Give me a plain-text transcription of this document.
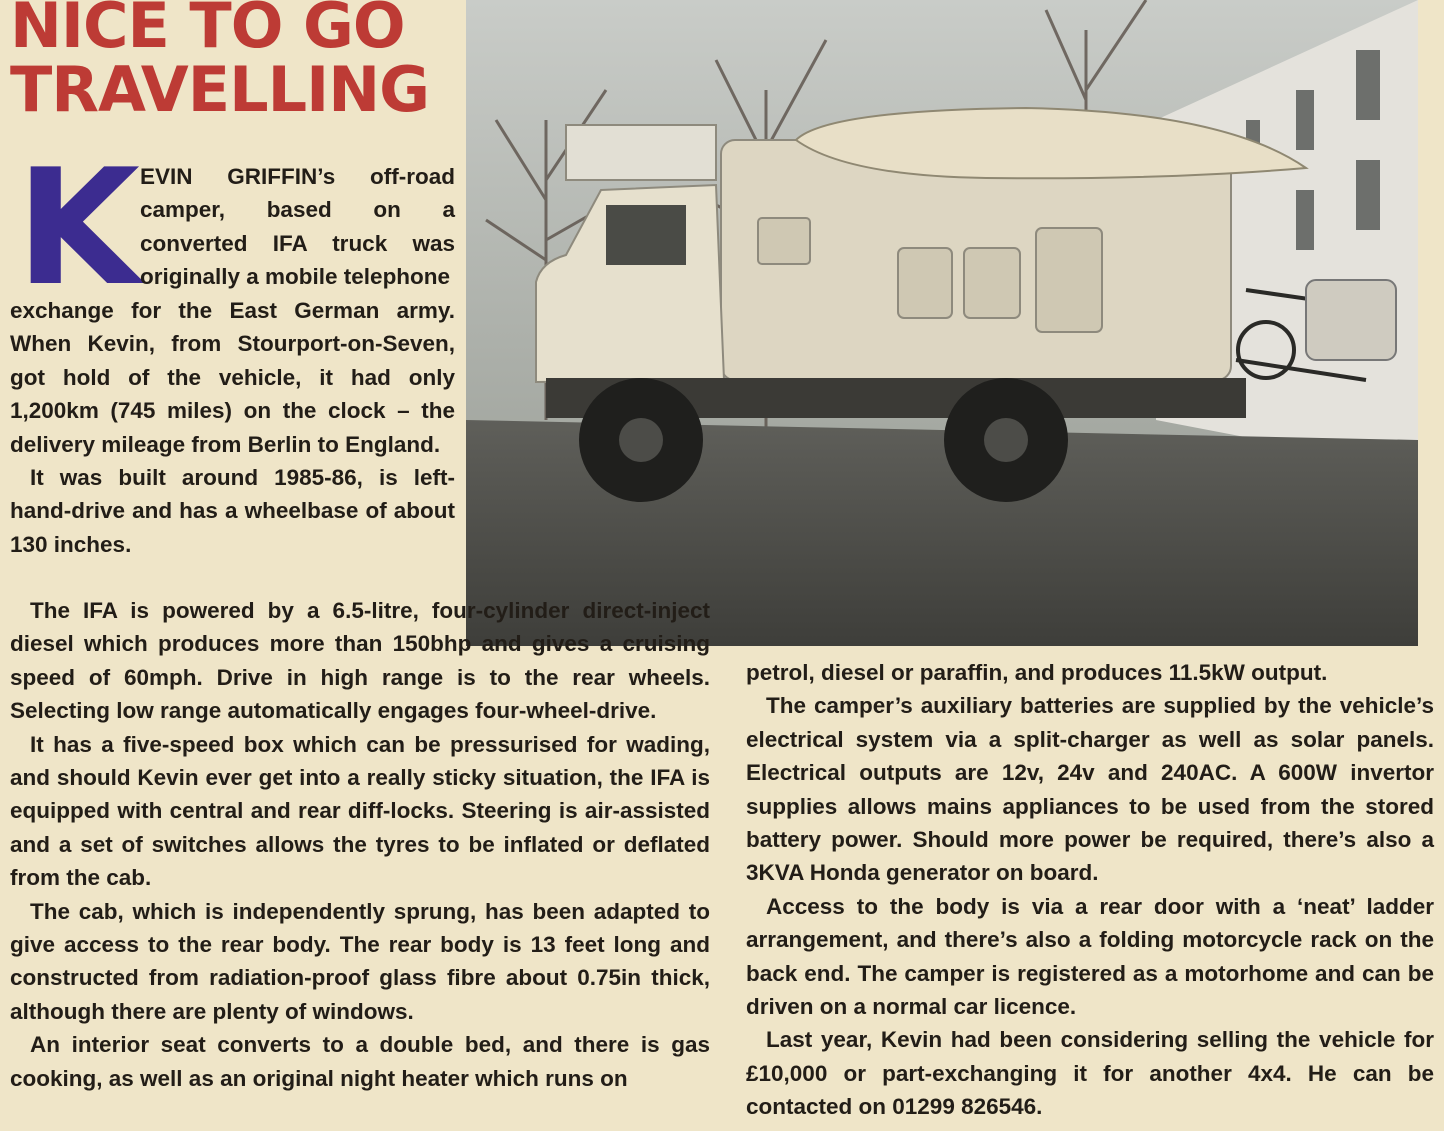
NICE TO GO
TRAVELLING
K EVIN GRIFFIN’s off-road camper, based on a converted IFA truck was originally a mobile telephone

exchange for the East German army. When Kevin, from Stourport-on-Seven, got hold of the vehicle, it had only 1,200km (745 miles) on the clock – the delivery mileage from Berlin to England.

It was built around 1985-86, is left-hand-drive and has a wheelbase of about 130 inches.

The IFA is powered by a 6.5-litre, four-cylinder direct-inject diesel which produces more than 150bhp and gives a cruising speed of 60mph. Drive in high range is to the rear wheels. Selecting low range automatically engages four-wheel-drive.

It has a five-speed box which can be pressurised for wading, and should Kevin ever get into a really sticky situation, the IFA is equipped with central and rear diff-locks. Steering is air-assisted and a set of switches allows the tyres to be inflated or deflated from the cab.

The cab, which is independently sprung, has been adapted to give access to the rear body. The rear body is 13 feet long and constructed from radiation-proof glass fibre about 0.75in thick, although there are plenty of windows.

An interior seat converts to a double bed, and there is gas cooking, as well as an original night heater which runs on

petrol, diesel or paraffin, and produces 11.5kW output.

The camper’s auxiliary batteries are supplied by the vehicle’s electrical system via a split-charger as well as solar panels. Electrical outputs are 12v, 24v and 240AC. A 600W invertor supplies allows mains appliances to be used from the stored battery power. Should more power be required, there’s also a 3KVA Honda generator on board.

Access to the body is via a rear door with a ‘neat’ ladder arrangement, and there’s also a folding motorcycle rack on the back end. The camper is registered as a motorhome and can be driven on a normal car licence.

Last year, Kevin had been considering selling the vehicle for £10,000 or part-exchanging it for another 4x4. He can be contacted on 01299 826546.
